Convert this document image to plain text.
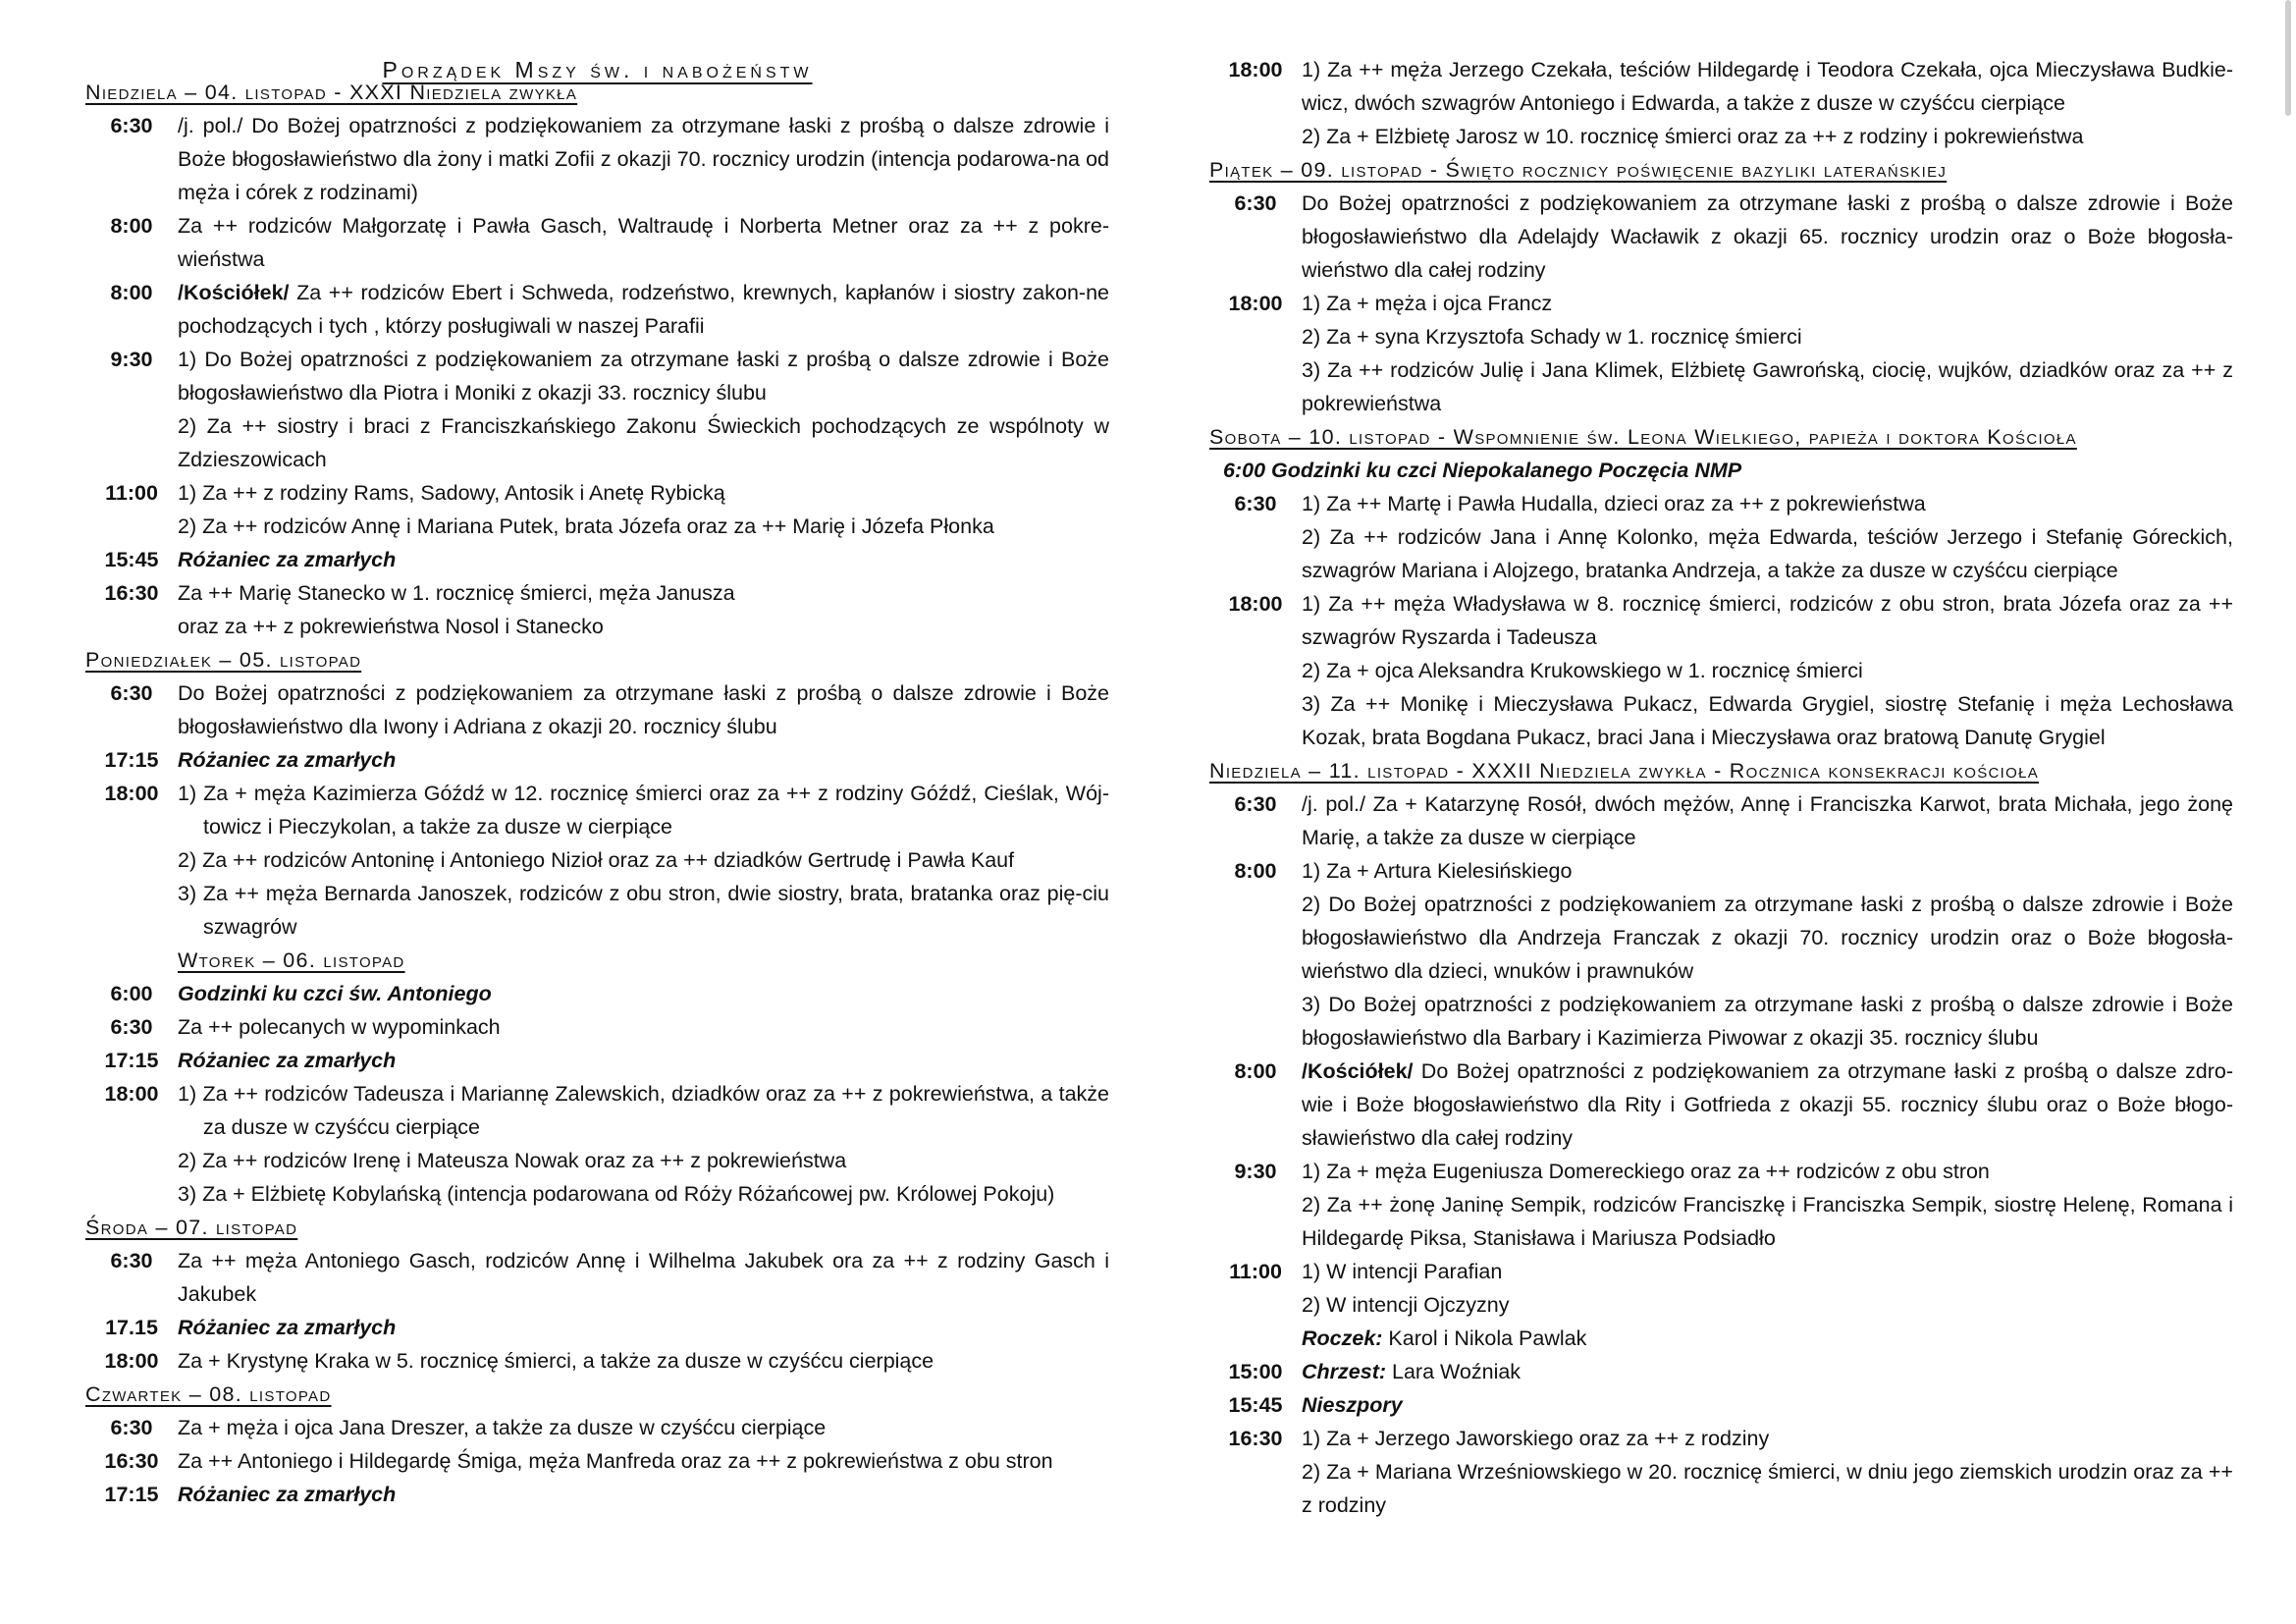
Porządek Mszy św. i nabożeństw
Niedziela – 04. listopad - XXXI Niedziela zwykła
6:30	/j. pol./ Do Bożej opatrzności z podziękowaniem za otrzymane łaski z prośbą o dalsze zdrowie i Boże błogosławieństwo dla żony i matki Zofii z okazji 70. rocznicy urodzin (intencja podarowa-na od męża i córek z rodzinami)
8:00	Za ++ rodziców Małgorzatę i Pawła Gasch, Waltraudę i Norberta Metner oraz za ++ z pokre-wieństwa
8:00	/Kościółek/ Za ++ rodziców Ebert i Schweda, rodzeństwo, krewnych, kapłanów i siostry zakon-ne pochodzących i tych , którzy posługiwali w naszej Parafii
9:30	1) Do Bożej opatrzności z podziękowaniem za otrzymane łaski z prośbą o dalsze zdrowie i Boże błogosławieństwo dla Piotra i Moniki z okazji 33. rocznicy ślubu
2) Za ++ siostry i braci z Franciszkańskiego Zakonu Świeckich pochodzących ze wspólnoty w Zdzieszowicach
11:00 1) Za ++ z rodziny Rams, Sadowy, Antosik i Anetę Rybicką
2) Za ++ rodziców Annę i Mariana Putek, brata Józefa oraz za ++ Marię i Józefa Płonka
15:45 Różaniec za zmarłych
16:30 Za ++ Marię Stanecko w 1. rocznicę śmierci, męża Janusza
oraz za ++ z pokrewieństwa Nosol i Stanecko
Poniedziałek – 05. listopad
6:30	Do Bożej opatrzności z podziękowaniem za otrzymane łaski z prośbą o dalsze zdrowie i Boże błogosławieństwo dla Iwony i Adriana z okazji 20. rocznicy ślubu
17:15 Różaniec za zmarłych
18:00 1) Za + męża Kazimierza Góźdź w 12. rocznicę śmierci oraz za ++ z rodziny Góźdź, Cieślak, Wój-towicz i Pieczykolan, a także za dusze w cierpiące
2) Za ++ rodziców Antoninę i Antoniego Nizioł oraz za ++ dziadków Gertrudę i Pawła Kauf
3) Za ++ męża Bernarda Janoszek, rodziców z obu stron, dwie siostry, brata, bratanka oraz pię-ciu szwagrów
Wtorek – 06. listopad
6:00	Godzinki ku czci św. Antoniego
6:30	Za ++ polecanych w wypominkach
17:15 Różaniec za zmarłych
18:00 1) Za ++ rodziców Tadeusza i Mariannę Zalewskich, dziadków oraz za ++ z pokrewieństwa, a także za dusze w czyśćcu cierpiące
2) Za ++ rodziców Irenę i Mateusza Nowak oraz za ++ z pokrewieństwa
3) Za + Elżbietę Kobylańską (intencja podarowana od Róży Różańcowej pw. Królowej Pokoju)
Środa – 07. listopad
6:30	Za ++ męża Antoniego Gasch, rodziców Annę i Wilhelma Jakubek ora za ++ z rodziny Gasch i Jakubek
17.15 Różaniec za zmarłych
18:00 Za + Krystynę Kraka w 5. rocznicę śmierci, a także za dusze w czyśćcu cierpiące
Czwartek – 08. listopad
6:30	Za + męża i ojca Jana Dreszer, a także za dusze w czyśćcu cierpiące
16:30 Za ++ Antoniego i Hildegardę Śmiga, męża Manfreda oraz za ++ z pokrewieństwa z obu stron
17:15 Różaniec za zmarłych
18:00 1) Za ++ męża Jerzego Czekała, teściów Hildegardę i Teodora Czekała, ojca Mieczysława Budkie-wicz, dwóch szwagrów Antoniego i Edwarda, a także z dusze w czyśćcu cierpiące
2) Za + Elżbietę Jarosz w 10. rocznicę śmierci oraz za ++ z rodziny i pokrewieństwa
Piątek – 09. listopad - Święto rocznicy poświęcenie bazyliki laterańskiej
6:30	Do Bożej opatrzności z podziękowaniem za otrzymane łaski z prośbą o dalsze zdrowie i Boże błogosławieństwo dla Adelajdy Wacławik z okazji 65. rocznicy urodzin oraz o Boże błogosła-wieństwo dla całej rodziny
18:00 1) Za + męża i ojca Francz
2) Za + syna Krzysztofa Schady w 1. rocznicę śmierci
3) Za ++ rodziców Julię i Jana Klimek, Elżbietę Gawrońską, ciocię, wujków, dziadków oraz za ++ z pokrewieństwa
Sobota – 10. listopad - Wspomnienie św. Leona Wielkiego, papieża i doktora Kościoła
6:00 Godzinki ku czci Niepokalanego Poczęcia NMP
6:30	1) Za ++ Martę i Pawła Hudalla, dzieci oraz za ++ z pokrewieństwa
2) Za ++ rodziców Jana i Annę Kolonko, męża Edwarda, teściów Jerzego i Stefanię Góreckich, szwagrów Mariana i Alojzego, bratanka Andrzeja, a także za dusze w czyśćcu cierpiące
18:00 1) Za ++ męża Władysława w 8. rocznicę śmierci, rodziców z obu stron, brata Józefa oraz za ++ szwagrów Ryszarda i Tadeusza
2) Za + ojca Aleksandra Krukowskiego w 1. rocznicę śmierci
3) Za ++ Monikę i Mieczysława Pukacz, Edwarda Grygiel, siostrę Stefanię i męża Lechosława Kozak, brata Bogdana Pukacz, braci Jana i Mieczysława oraz bratową Danutę Grygiel
Niedziela – 11. listopad - XXXII Niedziela zwykła - Rocznica konsekracji kościoła
6:30	/j. pol./ Za + Katarzynę Rosół, dwóch mężów, Annę i Franciszka Karwot, brata Michała, jego żonę Marię, a także za dusze w cierpiące
8:00	1) Za + Artura Kielesińskiego
2) Do Bożej opatrzności z podziękowaniem za otrzymane łaski z prośbą o dalsze zdrowie i Boże błogosławieństwo dla Andrzeja Franczak z okazji 70. rocznicy urodzin oraz o Boże błogosła-wieństwo dla dzieci, wnuków i prawnuków
3) Do Bożej opatrzności z podziękowaniem za otrzymane łaski z prośbą o dalsze zdrowie i Boże błogosławieństwo dla Barbary i Kazimierza Piwowar z okazji 35. rocznicy ślubu
8:00	/Kościółek/ Do Bożej opatrzności z podziękowaniem za otrzymane łaski z prośbą o dalsze zdro-wie i Boże błogosławieństwo dla Rity i Gotfrieda z okazji 55. rocznicy ślubu oraz o Boże błogo-sławieństwo dla całej rodziny
9:30	1) Za + męża Eugeniusza Domereckiego oraz za ++ rodziców z obu stron
2) Za ++ żonę Janinę Sempik, rodziców Franciszkę i Franciszka Sempik, siostrę Helenę, Romana i Hildegardę Piksa, Stanisława i Mariusza Podsiadło
11:00 1) W intencji Parafian
2) W intencji Ojczyzny
Roczek: Karol i Nikola Pawlak
15:00 Chrzest: Lara Woźniak
15:45 Nieszpory
16:30 1) Za + Jerzego Jaworskiego oraz za ++ z rodziny
2) Za + Mariana Wrześniowskiego w 20. rocznicę śmierci, w dniu jego ziemskich urodzin oraz za ++ z rodziny
